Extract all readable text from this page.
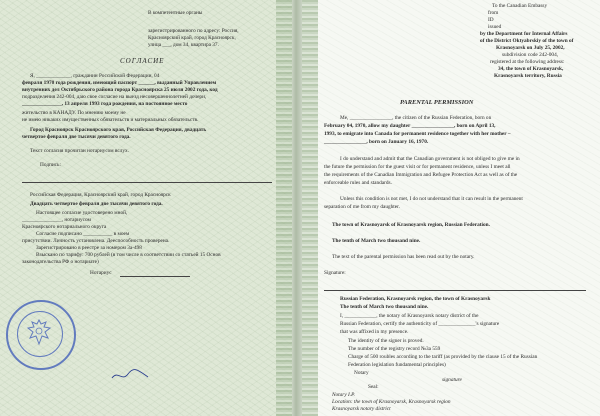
В компетентные органы
зарегистрированного по адресу: Россия,
Красноярский край, город Красноярск,
улица ___, дом 34, квартира 37.
СОГЛАСИЕ
Я, _____________, гражданин Российской Федерации, 04
февраля 1970 года рождения, имеющий паспорт ______, выданный Управлением
внутренних дел Октябрьского района города Красноярска 25 июля 2002 года, код
подразделения 242-004, даю свое согласие на выезд несовершеннолетней дочери,
_______________, 13 апреля 1993 года рождения, на постоянное место
жительство в КАНАДУ. По мнению моему не
не имею никаких имущественных обязательств и материальных обязательств.
Город Красноярск Красноярского края, Российская Федерация, двадцать
четвертое февраля две тысячи девятого года.
Текст согласия прочитан нотариусом вслух.
Подпись:
Российская Федерация, Красноярский край, город Красноярск
Двадцать четвертое февраля две тысячи девятого года.
Настоящее согласие удостоверено мной,
_______________, нотариусом
Красноярского нотариального округа
Согласие подписано ___________ в моем
присутствии. Личность установлена. Дееспособность проверена.
Зарегистрировано в реестре за номером 3а-498
Взыскано по тарифу: 700 рублей (в том числе в соответствии со статьей 15 Основ
законодательства РФ о нотариате)
Нотариус
To the Canadian Embassy
from
ID
issued
by the Department for Internal Affairs
of the District Oktyabrskiy of the town of
Krasnoyarsk on July 25, 2002,
subdivision code 242-004,
registered at the following address:
34, the town of Krasnoyarsk,
Krasnoyarsk territory, Russia
PARENTAL PERMISSION
Me, ________________, the citizen of the Russian Federation, born on
February 04, 1970, allow my daughter ________________, born on April 13,
1993, to emigrate into Canada for permanent residence together with her mother –
________________, born on January 16, 1970.
I do understand and admit that the Canadian government is not obliged to give me in
the future the permission for the guest visit or for permanent residence, unless I meet all
the requirements of the Canadian Immigration and Refugee Protection Act as well as of the
enforceable rules and standards.
Unless this condition is not met, I do not understand that it can result in the permanent
separation of me from my daughter.
The town of Krasnoyarsk of Krasnoyarsk region, Russian Federation.
The tenth of March two thousand nine.
The text of the parental permission has been read out by the notary.
Signature:
Russian Federation, Krasnoyarsk region, the town of Krasnoyarsk
The tenth of March two thousand nine.
I, ____________, the notary of Krasnoyarsk notary district of the
Russian Federation, certify the authenticity of ______________'s signature
that was affixed in my presence.
The identity of the signer is proved.
The number of the registry record №3а 559
Charge of 500 roubles according to the tariff (as provided by the clause 15 of the Russian
Federation legislation fundamental principles)
Notary
signature
Seal:
Notary I.P.
Location: the town of Krasnoyarsk, Krasnoyarsk region
Krasnoyarsk notary district
